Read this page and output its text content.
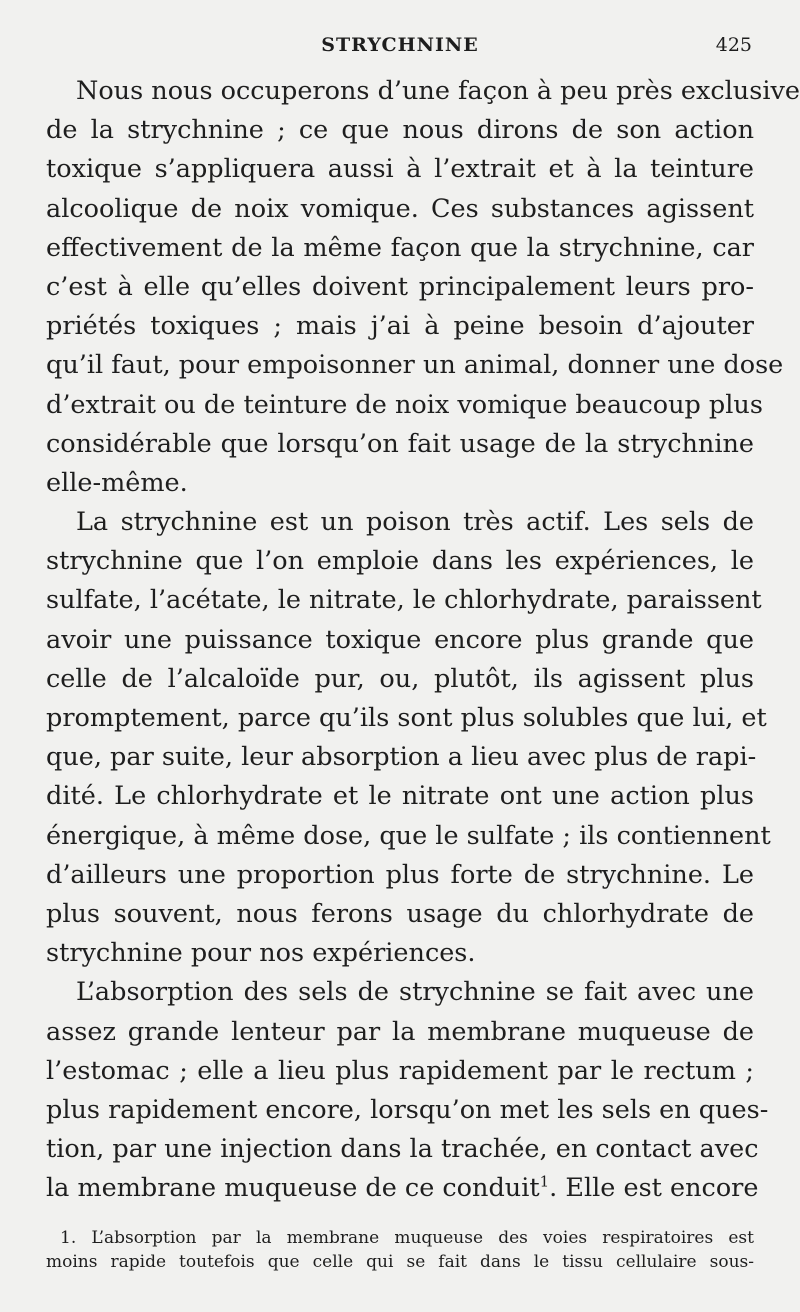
STRYCHNINE	425
Nous nous occuperons d’une façon à peu près exclusive
de la strychnine ; ce que nous dirons de son action
toxique s’appliquera aussi à l’extrait et à la teinture
alcoolique de noix vomique. Ces substances agissent
effectivement de la même façon que la strychnine, car
c’est à elle qu’elles doivent principalement leurs pro-
priétés toxiques ; mais j’ai à peine besoin d’ajouter
qu’il faut, pour empoisonner un animal, donner une dose
d’extrait ou de teinture de noix vomique beaucoup plus
considérable que lorsqu’on fait usage de la strychnine
elle-même.
La strychnine est un poison très actif. Les sels de
strychnine que l’on emploie dans les expériences, le
sulfate, l’acétate, le nitrate, le chlorhydrate, paraissent
avoir une puissance toxique encore plus grande que
celle de l’alcaloïde pur, ou, plutôt, ils agissent plus
promptement, parce qu’ils sont plus solubles que lui, et
que, par suite, leur absorption a lieu avec plus de rapi-
dité. Le chlorhydrate et le nitrate ont une action plus
énergique, à même dose, que le sulfate ; ils contiennent
d’ailleurs une proportion plus forte de strychnine. Le
plus souvent, nous ferons usage du chlorhydrate de
strychnine pour nos expériences.
L’absorption des sels de strychnine se fait avec une
assez grande lenteur par la membrane muqueuse de
l’estomac ; elle a lieu plus rapidement par le rectum ;
plus rapidement encore, lorsqu’on met les sels en ques-
tion, par une injection dans la trachée, en contact avec
la membrane muqueuse de ce conduit$^1$. Elle est encore
1. L’absorption par la membrane muqueuse des voies respiratoires est
moins rapide toutefois que celle qui se fait dans le tissu cellulaire sous-
